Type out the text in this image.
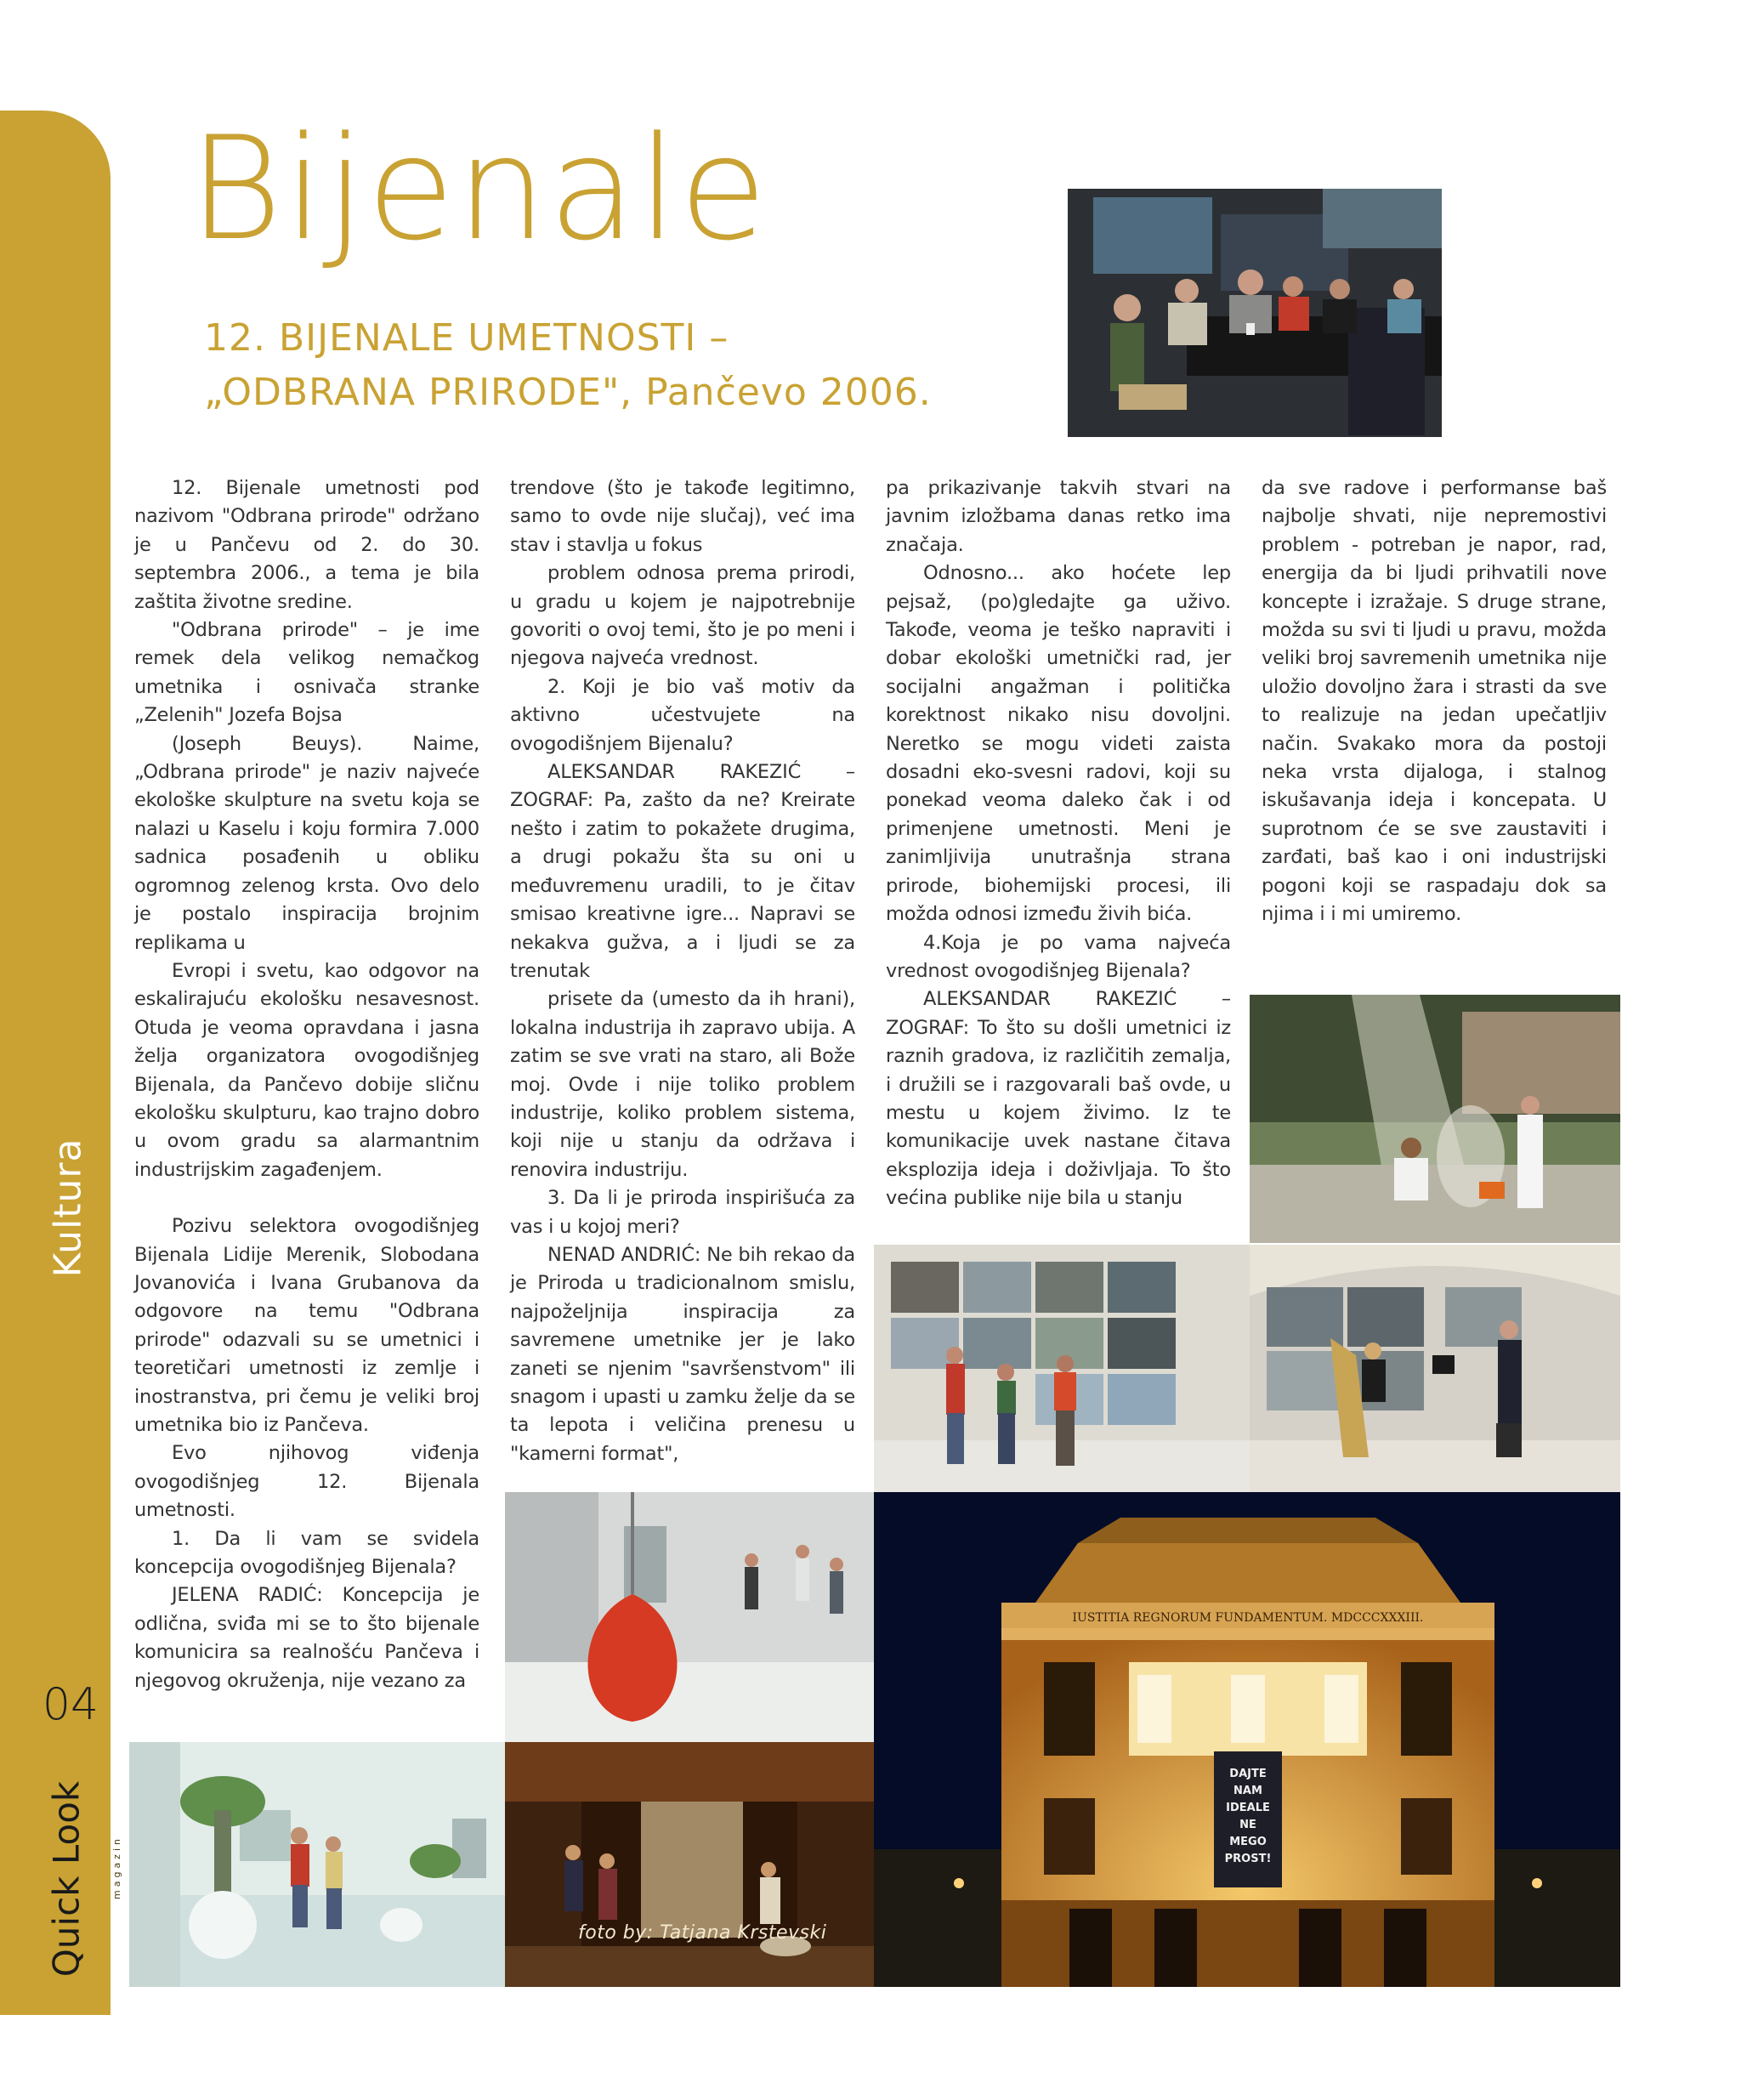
Kultura
04
Quick Look	magazin
Bijenale
12. BIJENALE UMETNOSTI –
„ODBRANA PRIRODE", Pančevo 2006.

12. Bijenale umetnosti pod nazivom "Odbrana prirode" održano je u Pančevu od 2. do 30. septembra 2006., a tema je bila zaštita životne sredine.

"Odbrana prirode" – je ime remek dela velikog nemačkog umetnika i osnivača stranke „Zelenih" Jozefa Bojsa

(Joseph Beuys). Naime, „Odbrana prirode" je naziv najveće ekološke skulpture na svetu koja se nalazi u Kaselu i koju formira 7.000 sadnica posađenih u obliku ogromnog zelenog krsta. Ovo delo je postalo inspiracija brojnim replikama u

Evropi i svetu, kao odgovor na eskalirajuću ekološku nesavesnost. Otuda je veoma opravdana i jasna želja organizatora ovogodišnjeg Bijenala, da Pančevo dobije sličnu ekološku skulpturu, kao trajno dobro u ovom gradu sa alarmantnim industrijskim zagađenjem.

Pozivu selektora ovogodišnjeg Bijenala Lidije Merenik, Slobodana Jovanovića i Ivana Grubanova da odgovore na temu "Odbrana prirode" odazvali su se umetnici i teoretičari umetnosti iz zemlje i inostranstva, pri čemu je veliki broj umetnika bio iz Pančeva.

Evo njihovog viđenja ovogodišnjeg 12. Bijenala umetnosti.

1. Da li vam se svidela koncepcija ovogodišnjeg Bijenala?

JELENA RADIĆ: Koncepcija je odlična, sviđa mi se to što bijenale komunicira sa realnošću Pančeva i njegovog okruženja, nije vezano za

trendove (što je takođe legitimno, samo to ovde nije slučaj), već ima stav i stavlja u fokus

problem odnosa prema prirodi, u gradu u kojem je najpotrebnije govoriti o ovoj temi, što je po meni i njegova najveća vrednost.

2. Koji je bio vaš motiv da aktivno učestvujete na ovogodišnjem Bijenalu?

ALEKSANDAR RAKEZIĆ – ZOGRAF: Pa, zašto da ne? Kreirate nešto i zatim to pokažete drugima, a drugi pokažu šta su oni u međuvremenu uradili, to je čitav smisao kreativne igre... Napravi se nekakva gužva, a i ljudi se za trenutak

prisete da (umesto da ih hrani), lokalna industrija ih zapravo ubija. A zatim se sve vrati na staro, ali Bože moj. Ovde i nije toliko problem industrije, koliko problem sistema, koji nije u stanju da održava i renovira industriju.

3. Da li je priroda inspirišuća za vas i u kojoj meri?

NENAD ANDRIĆ: Ne bih rekao da je Priroda u tradicionalnom smislu, najpoželjnija inspiracija za savremene umetnike jer je lako zaneti se njenim "savršenstvom" ili snagom i upasti u zamku želje da se ta lepota i veličina prenesu u "kamerni format",

pa prikazivanje takvih stvari na javnim izložbama danas retko ima značaja.

Odnosno... ako hoćete lep pejsaž, (po)gledajte ga uživo. Takođe, veoma je teško napraviti i dobar ekološki umetnički rad, jer socijalni angažman i politička korektnost nikako nisu dovoljni. Neretko se mogu videti zaista dosadni eko-svesni radovi, koji su ponekad veoma daleko čak i od primenjene umetnosti. Meni je zanimljivija unutrašnja strana prirode, biohemijski procesi, ili možda odnosi između živih bića.

4.Koja je po vama najveća vrednost ovogodišnjeg Bijenala?

ALEKSANDAR RAKEZIĆ – ZOGRAF: To što su došli umetnici iz raznih gradova, iz različitih zemalja, i družili se i razgovarali baš ovde, u mestu u kojem živimo. Iz te komunikacije uvek nastane čitava eksplozija ideja i doživljaja. To što većina publike nije bila u stanju

da sve radove i performanse baš najbolje shvati, nije nepremostivi problem - potreban je napor, rad, energija da bi ljudi prihvatili nove koncepte i izražaje. S druge strane, možda su svi ti ljudi u pravu, možda veliki broj savremenih umetnika nije uložio dovoljno žara i strasti da sve to realizuje na jedan upečatljiv način. Svakako mora da postoji neka vrsta dijaloga, i stalnog iskušavanja ideja i koncepata. U suprotnom će se sve zaustaviti i zarđati, baš kao i oni industrijski pogoni koji se raspadaju dok sa njima i i mi umiremo.

IUSTITIA REGNORUM FUNDAMENTUM. MDCCCXXXIII.
DAJTE
NAM
IDEALE
NE
MEGO
PROST!
foto by: Tatjana Krstevski
